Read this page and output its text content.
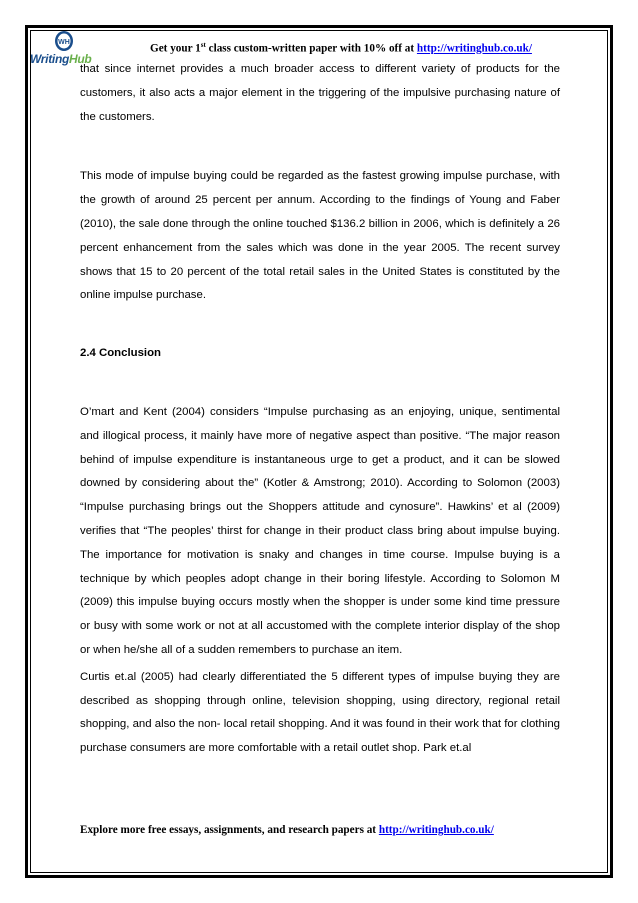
WH
WritingHub
Get your 1st class custom-written paper with 10% off at http://writinghub.co.uk/

that since internet provides a much broader access to different variety of products for the customers, it also acts a major element in the triggering of the impulsive purchasing nature of the customers.

This mode of impulse buying could be regarded as the fastest growing impulse purchase, with the growth of around 25 percent per annum. According to the findings of Young and Faber (2010), the sale done through the online touched $136.2 billion in 2006, which is definitely a 26 percent enhancement from the sales which was done in the year 2005. The recent survey shows that 15 to 20 percent of the total retail sales in the United States is constituted by the online impulse purchase.

2.4 Conclusion

O’mart and Kent (2004) considers “Impulse purchasing as an enjoying, unique, sentimental and illogical process, it mainly have more of negative aspect than positive. “The major reason behind of impulse expenditure is instantaneous urge to get a product, and it can be slowed downed by considering about the” (Kotler & Amstrong; 2010). According to Solomon (2003) “Impulse purchasing brings out the Shoppers attitude and cynosure”. Hawkins’ et al (2009) verifies that “The peoples’ thirst for change in their product class bring about impulse buying. The importance for motivation is snaky and changes in time course. Impulse buying is a technique by which peoples adopt change in their boring lifestyle. According to Solomon M (2009) this impulse buying occurs mostly when the shopper is under some kind time pressure or busy with some work or not at all accustomed with the complete interior display of the shop or when he/she all of a sudden remembers to purchase an item.

Curtis et.al (2005) had clearly differentiated the 5 different types of impulse buying they are described as shopping through online, television shopping, using directory, regional retail shopping, and also the non- local retail shopping. And it was found in their work that for clothing purchase consumers are more comfortable with a retail outlet shop. Park et.al

Explore more free essays, assignments, and research papers at http://writinghub.co.uk/
